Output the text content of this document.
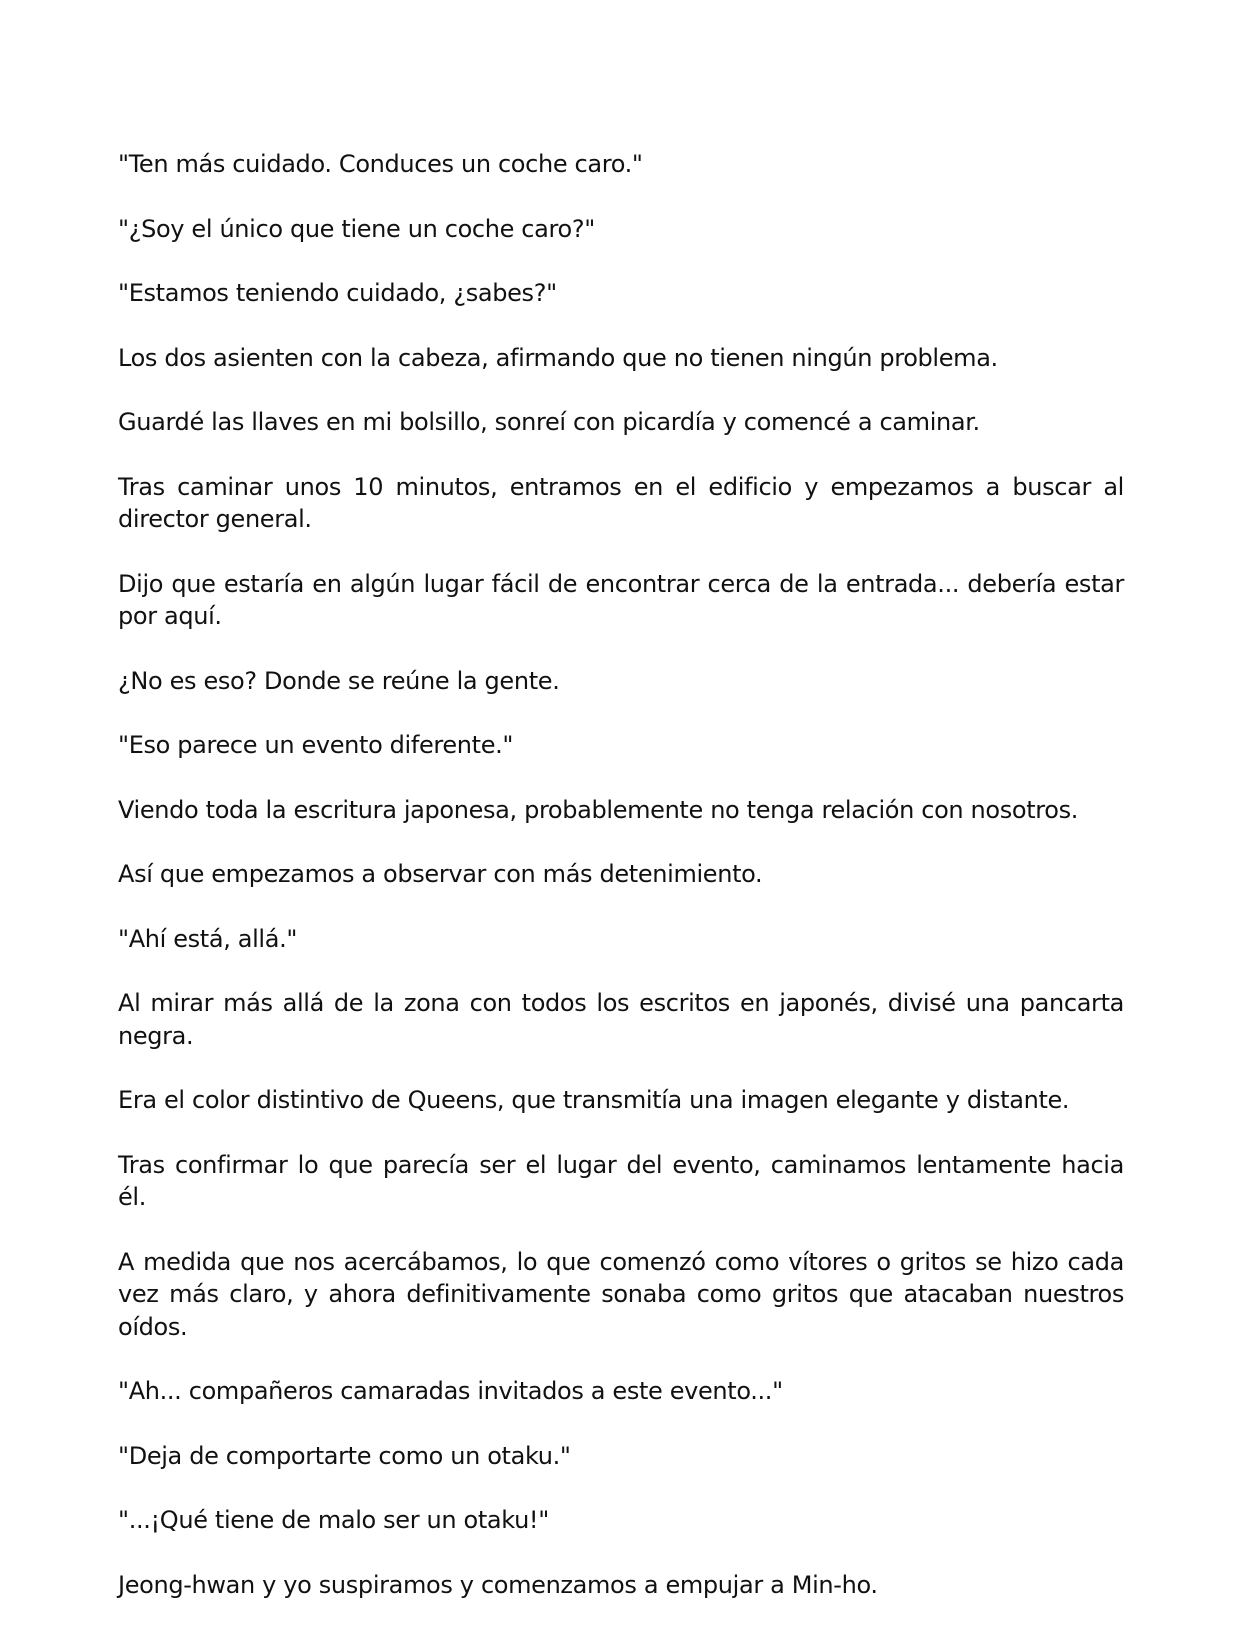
"Ten más cuidado. Conduces un coche caro."

"¿Soy el único que tiene un coche caro?"

"Estamos teniendo cuidado, ¿sabes?"

Los dos asienten con la cabeza, afirmando que no tienen ningún problema.

Guardé las llaves en mi bolsillo, sonreí con picardía y comencé a caminar.

Tras caminar unos 10 minutos, entramos en el edificio y empezamos a buscar al director general.

Dijo que estaría en algún lugar fácil de encontrar cerca de la entrada... debería estar por aquí.

¿No es eso? Donde se reúne la gente.

"Eso parece un evento diferente."

Viendo toda la escritura japonesa, probablemente no tenga relación con nosotros.

Así que empezamos a observar con más detenimiento.

"Ahí está, allá."

Al mirar más allá de la zona con todos los escritos en japonés, divisé una pancarta negra.

Era el color distintivo de Queens, que transmitía una imagen elegante y distante.

Tras confirmar lo que parecía ser el lugar del evento, caminamos lentamente hacia él.

A medida que nos acercábamos, lo que comenzó como vítores o gritos se hizo cada vez más claro, y ahora definitivamente sonaba como gritos que atacaban nuestros oídos.

"Ah... compañeros camaradas invitados a este evento..."

"Deja de comportarte como un otaku."

"...¡Qué tiene de malo ser un otaku!"

Jeong-hwan y yo suspiramos y comenzamos a empujar a Min-ho.
